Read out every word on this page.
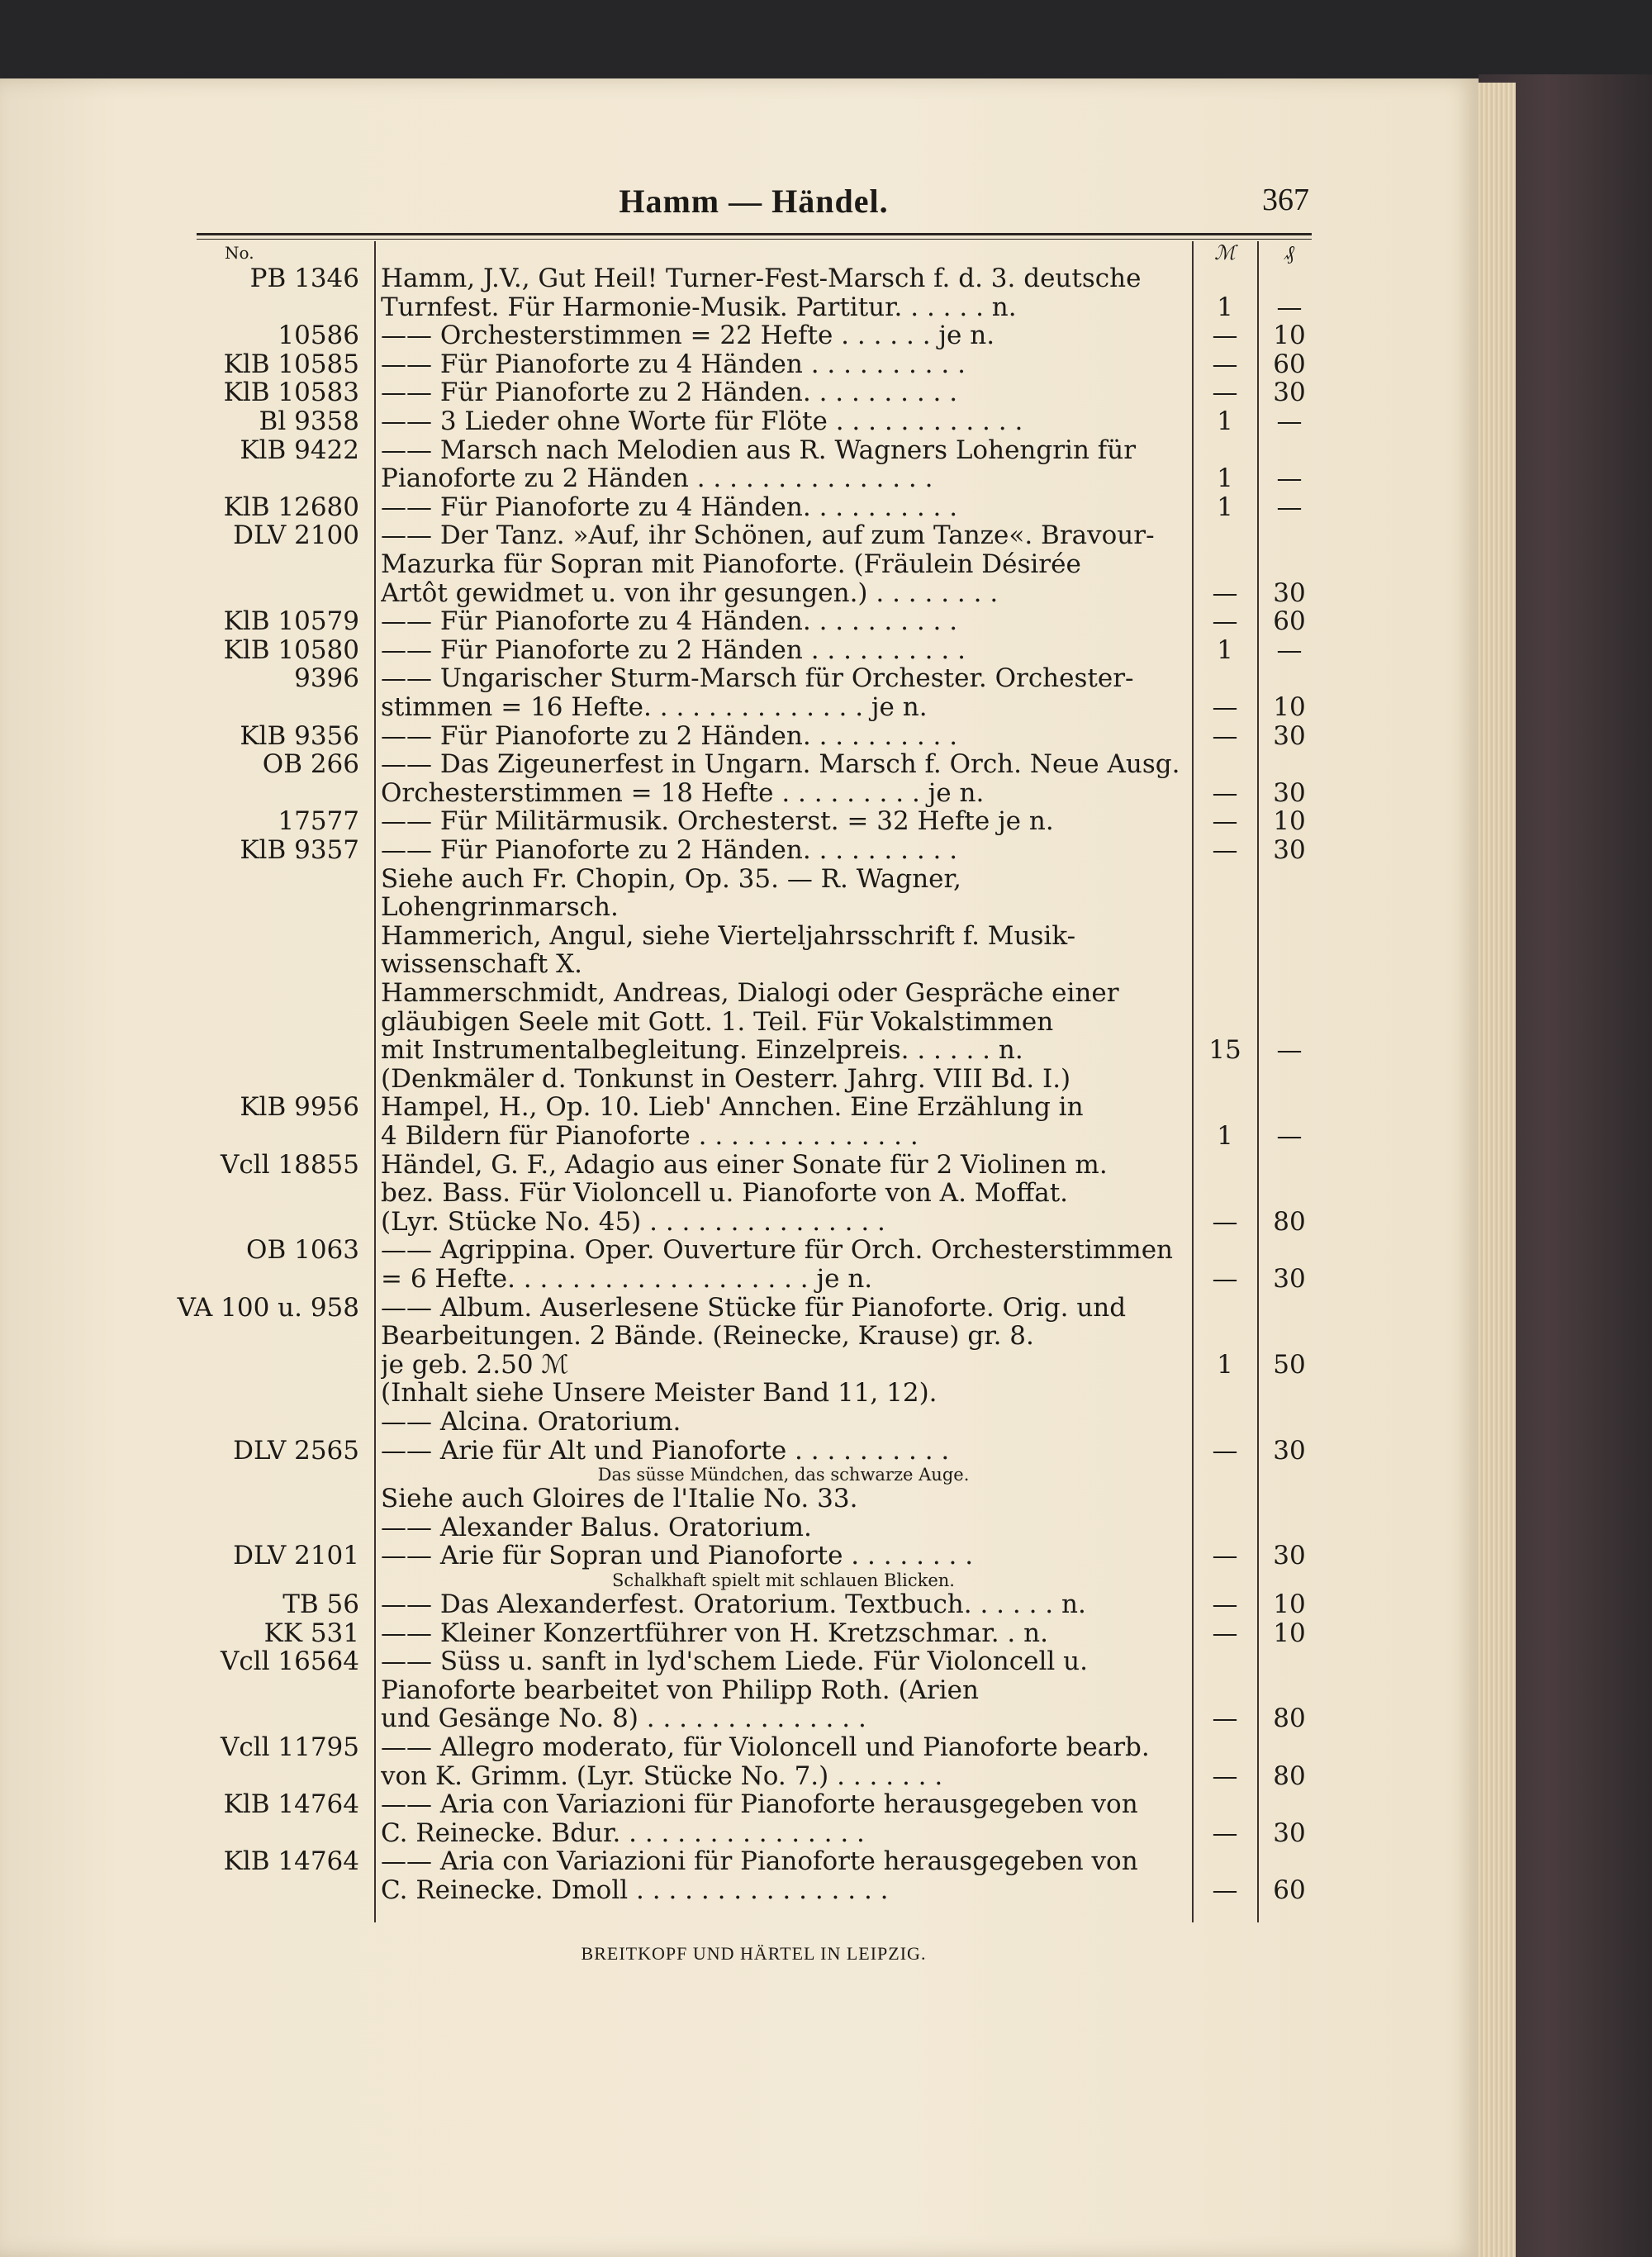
Hamm — Händel.	367
No.	ℳ	₰
PB 1346 Hamm, J.V., Gut Heil! Turner-Fest-Marsch f. d. 3. deutsche
Turnfest. Für Harmonie-Musik. Partitur. . . . . . n.	1	—
10586 —— Orchesterstimmen = 22 Hefte . . . . . . je n.	—	10
KlB 10585 —— Für Pianoforte zu 4 Händen . . . . . . . . . .	—	60
KlB 10583 —— Für Pianoforte zu 2 Händen. . . . . . . . . .	—	30
Bl 9358 —— 3 Lieder ohne Worte für Flöte . . . . . . . . . . . .	1	—
KlB 9422 —— Marsch nach Melodien aus R. Wagners Lohengrin für
Pianoforte zu 2 Händen . . . . . . . . . . . . . . .	1	—
KlB 12680 —— Für Pianoforte zu 4 Händen. . . . . . . . . .	1	—
DLV 2100 —— Der Tanz. »Auf, ihr Schönen, auf zum Tanze«. Bravour-
Mazurka für Sopran mit Pianoforte. (Fräulein Désirée
Artôt gewidmet u. von ihr gesungen.) . . . . . . . .	—	30
KlB 10579 —— Für Pianoforte zu 4 Händen. . . . . . . . . .	—	60
KlB 10580 —— Für Pianoforte zu 2 Händen . . . . . . . . . .	1	—
9396 —— Ungarischer Sturm-Marsch für Orchester. Orchester-
stimmen = 16 Hefte. . . . . . . . . . . . . . je n.	—	10
KlB 9356 —— Für Pianoforte zu 2 Händen. . . . . . . . . .	—	30
OB 266 —— Das Zigeunerfest in Ungarn. Marsch f. Orch. Neue Ausg.
Orchesterstimmen = 18 Hefte . . . . . . . . . je n.	—	30
17577 —— Für Militärmusik. Orchesterst. = 32 Hefte je n.	—	10
KlB 9357 —— Für Pianoforte zu 2 Händen. . . . . . . . . .	—	30
Siehe auch Fr. Chopin, Op. 35. — R. Wagner,
Lohengrinmarsch.
Hammerich, Angul, siehe Vierteljahrsschrift f. Musik-
wissenschaft X.
Hammerschmidt, Andreas, Dialogi oder Gespräche einer
gläubigen Seele mit Gott. 1. Teil. Für Vokalstimmen
mit Instrumentalbegleitung. Einzelpreis. . . . . . n.	15	—
(Denkmäler d. Tonkunst in Oesterr. Jahrg. VIII Bd. I.)
KlB 9956 Hampel, H., Op. 10. Lieb' Annchen. Eine Erzählung in
4 Bildern für Pianoforte . . . . . . . . . . . . . .	1	—
Vcll 18855 Händel, G. F., Adagio aus einer Sonate für 2 Violinen m.
bez. Bass. Für Violoncell u. Pianoforte von A. Moffat.
(Lyr. Stücke No. 45) . . . . . . . . . . . . . . .	—	80
OB 1063 —— Agrippina. Oper. Ouverture für Orch. Orchesterstimmen
= 6 Hefte. . . . . . . . . . . . . . . . . . . je n.	—	30
VA 100 u. 958 —— Album. Auserlesene Stücke für Pianoforte. Orig. und
Bearbeitungen. 2 Bände. (Reinecke, Krause) gr. 8.
je geb. 2.50 ℳ	1	50
(Inhalt siehe Unsere Meister Band 11, 12).
—— Alcina. Oratorium.
DLV 2565 —— Arie für Alt und Pianoforte . . . . . . . . . .	—	30
Das süsse Mündchen, das schwarze Auge.
Siehe auch Gloires de l'Italie No. 33.
—— Alexander Balus. Oratorium.
DLV 2101 —— Arie für Sopran und Pianoforte . . . . . . . .	—	30
Schalkhaft spielt mit schlauen Blicken.
TB 56 —— Das Alexanderfest. Oratorium. Textbuch. . . . . . n.	—	10
KK 531 —— Kleiner Konzertführer von H. Kretzschmar. . n.	—	10
Vcll 16564 —— Süss u. sanft in lyd'schem Liede. Für Violoncell u.
Pianoforte bearbeitet von Philipp Roth. (Arien
und Gesänge No. 8) . . . . . . . . . . . . . .	—	80
Vcll 11795 —— Allegro moderato, für Violoncell und Pianoforte bearb.
von K. Grimm. (Lyr. Stücke No. 7.) . . . . . . .	—	80
KlB 14764 —— Aria con Variazioni für Pianoforte herausgegeben von
C. Reinecke. Bdur. . . . . . . . . . . . . . . .	—	30
KlB 14764 —— Aria con Variazioni für Pianoforte herausgegeben von
C. Reinecke. Dmoll . . . . . . . . . . . . . . . .	—	60
BREITKOPF UND HÄRTEL IN LEIPZIG.
